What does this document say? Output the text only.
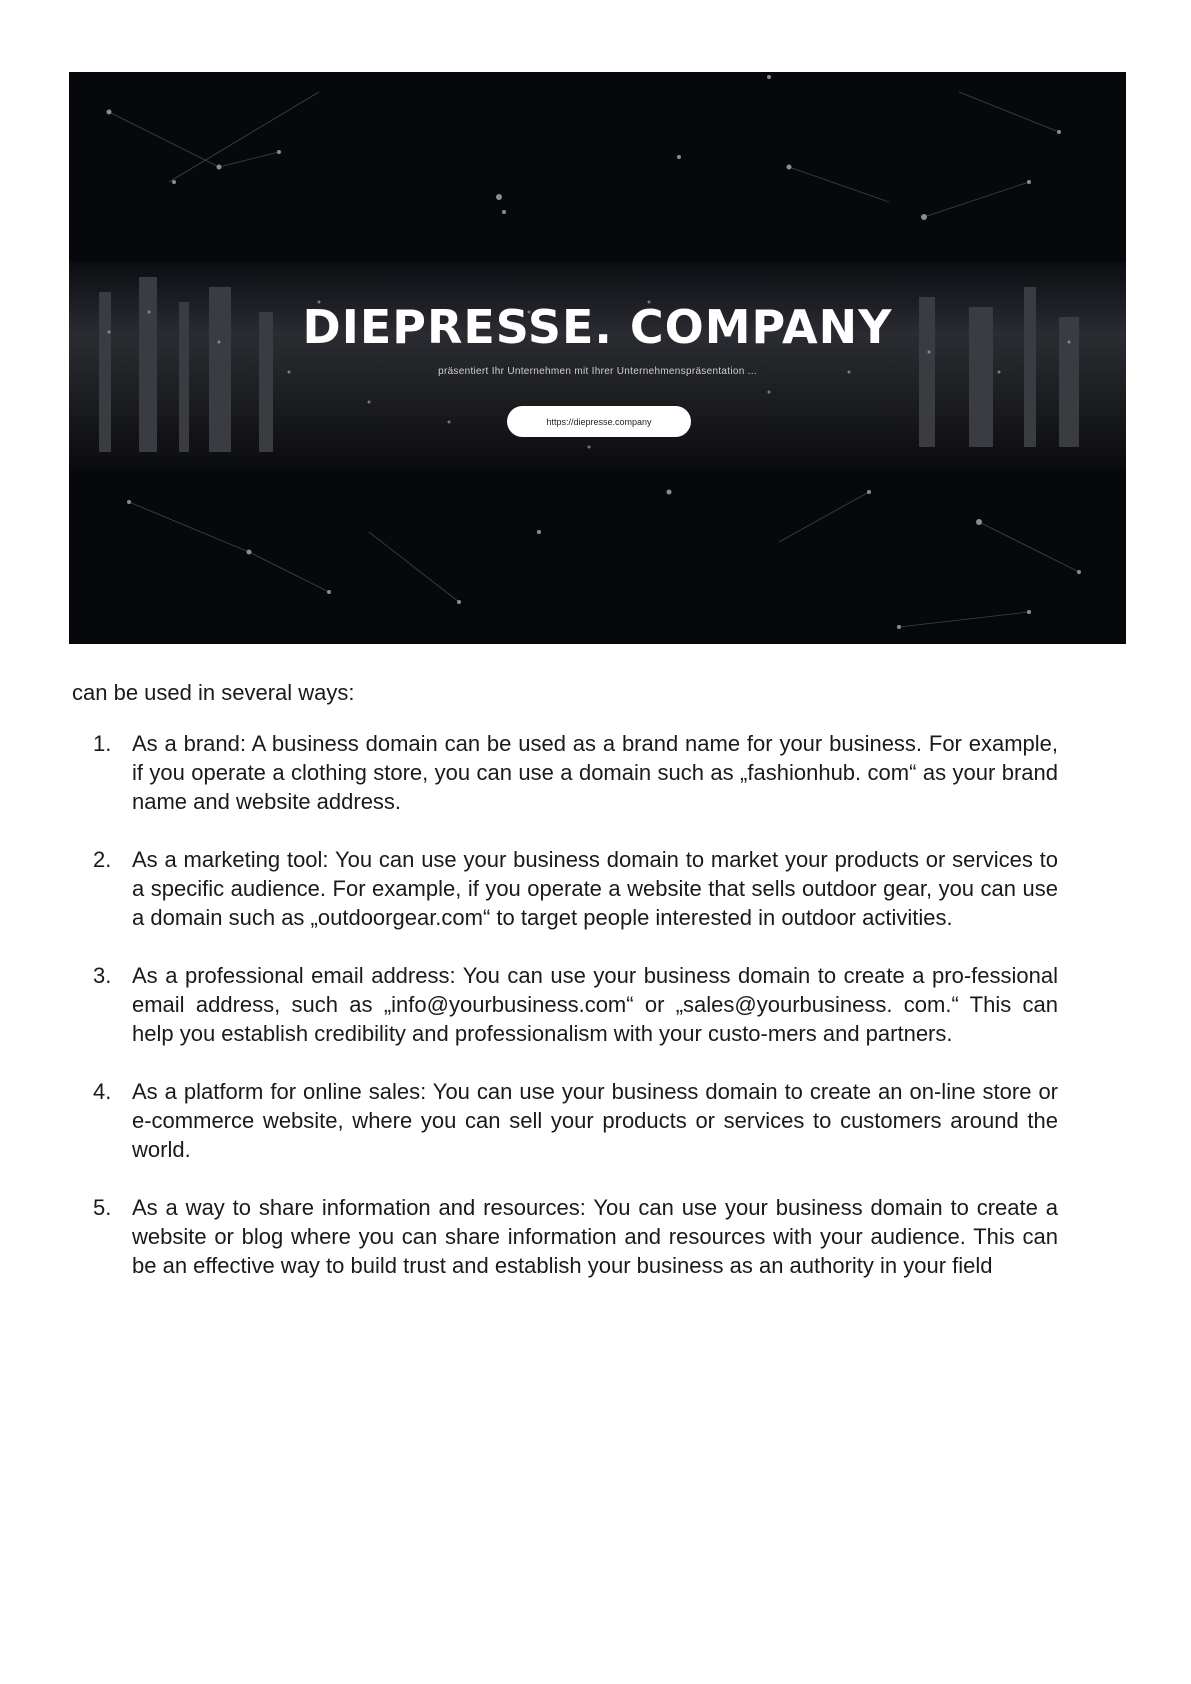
DIEPRESSE. COMPANY
präsentiert Ihr Unternehmen mit Ihrer Unternehmenspräsentation ...
https://diepresse.company
can be used in several ways:
1. As a brand: A business domain can be used as a brand name for your business. For example, if you operate a clothing store, you can use a domain such as „fashionhub. com“ as your brand name and website address.
2. As a marketing tool: You can use your business domain to market your products or services to a specific audience. For example, if you operate a website that sells outdoor gear, you can use a domain such as „outdoorgear.com“ to target people interested in outdoor activities.
3. As a professional email address: You can use your business domain to create a pro-fessional email address, such as „info@yourbusiness.com“ or „sales@yourbusiness. com.“ This can help you establish credibility and professionalism with your custo-mers and partners.
4. As a platform for online sales: You can use your business domain to create an on-line store or e-commerce website, where you can sell your products or services to customers around the world.
5. As a way to share information and resources: You can use your business domain to create a website or blog where you can share information and resources with your audience. This can be an effective way to build trust and establish your business as an authority in your field
